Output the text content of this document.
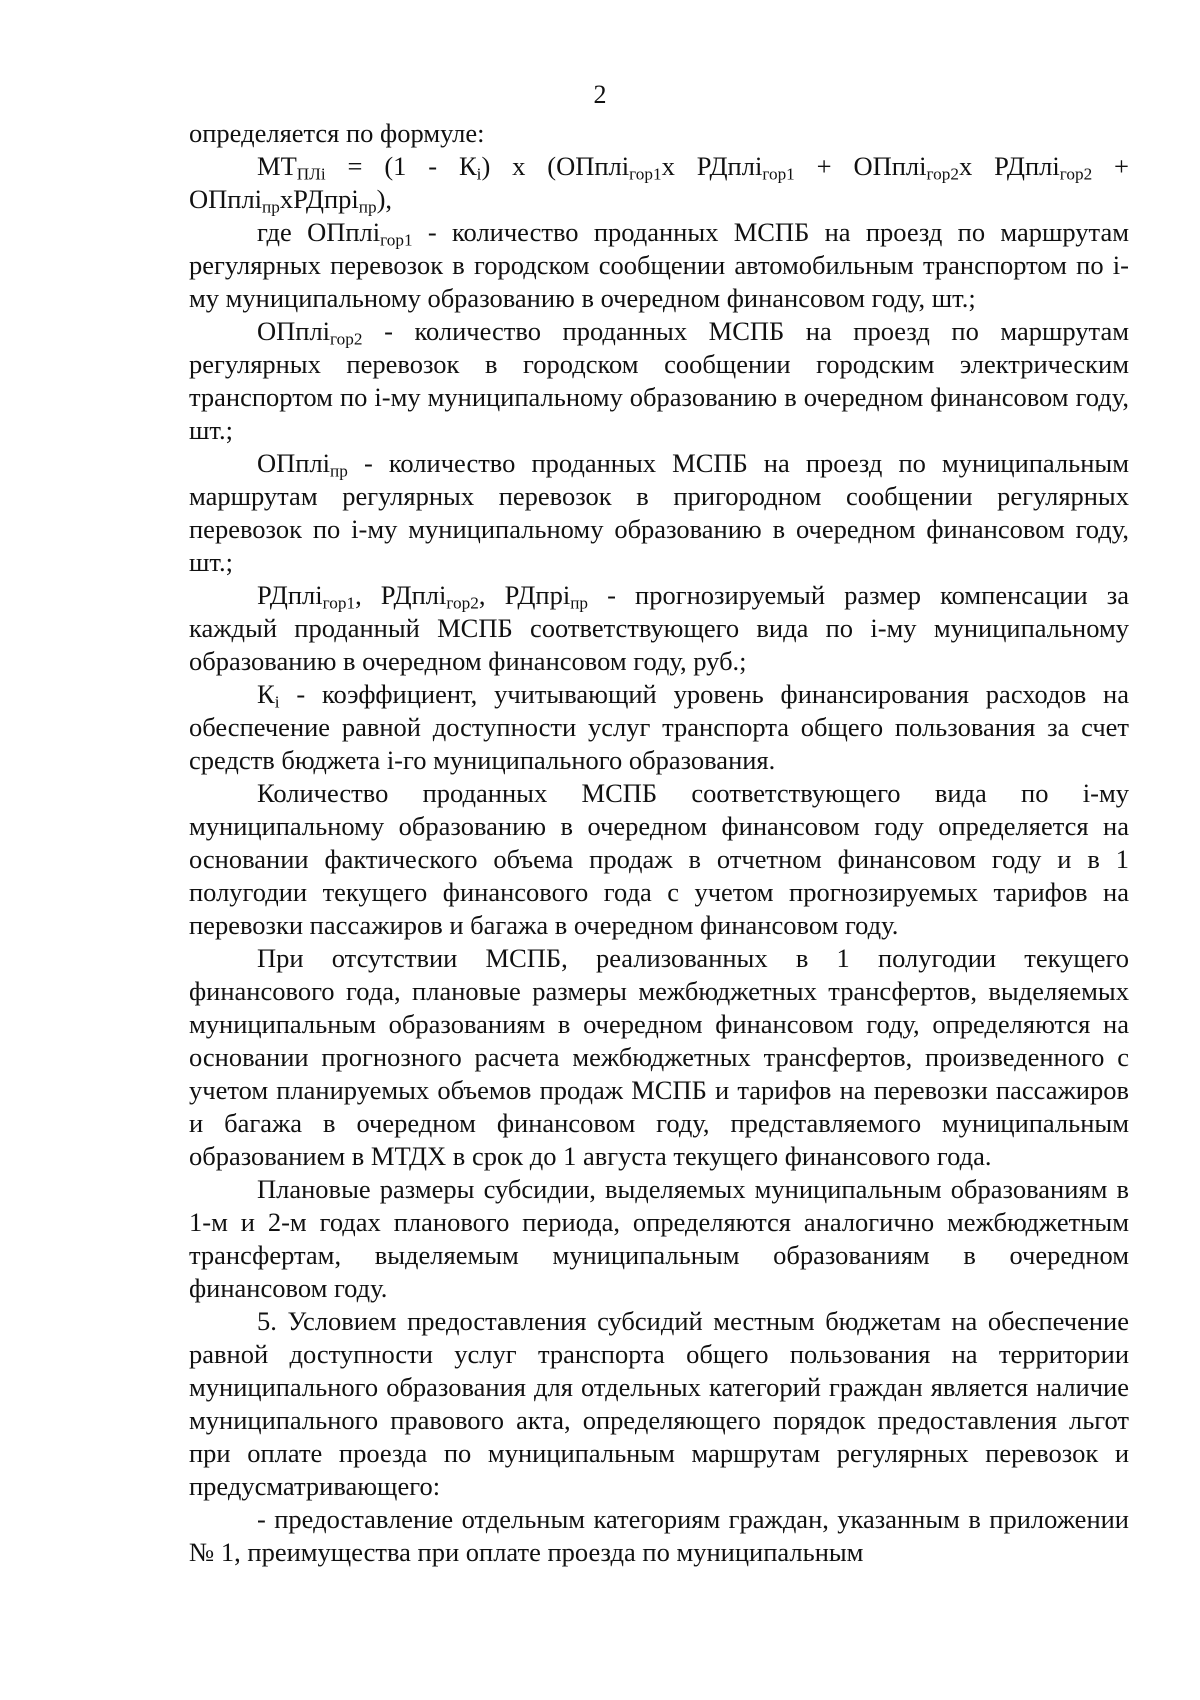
2

определяется по формуле:

$МТ_{ПЛi} = (1 - К_i)$ х (ОПплі$_{гор1}$х РДплі$_{гор1}$ + ОПплі$_{гор2}$х РДплі$_{гор2}$ + ОПплі$_{пр}$хРДпрі$_{пр}$),

где ОПплі$_{гор1}$ - количество проданных МСПБ на проезд по маршрутам регулярных перевозок в городском сообщении автомобильным транспортом по і-му муниципальному образованию в очередном финансовом году, шт.;

ОПплі$_{гор2}$ - количество проданных МСПБ на проезд по маршрутам регулярных перевозок в городском сообщении городским электрическим транспортом по і-му муниципальному образованию в очередном финансовом году, шт.;

ОПплі$_{пр}$ - количество проданных МСПБ на проезд по муниципальным маршрутам регулярных перевозок в пригородном сообщении регулярных перевозок по і-му муниципальному образованию в очередном финансовом году, шт.;

РДплі$_{гор1}$, РДплі$_{гор2}$, РДпрі$_{пр}$ - прогнозируемый размер компенсации за каждый проданный МСПБ соответствующего вида по і-му муниципальному образованию в очередном финансовом году, руб.;

$К_i$ - коэффициент, учитывающий уровень финансирования расходов на обеспечение равной доступности услуг транспорта общего пользования за счет средств бюджета і-го муниципального образования.

Количество проданных МСПБ соответствующего вида по і-му муниципальному образованию в очередном финансовом году определяется на основании фактического объема продаж в отчетном финансовом году и в 1 полугодии текущего финансового года с учетом прогнозируемых тарифов на перевозки пассажиров и багажа в очередном финансовом году.

При отсутствии МСПБ, реализованных в 1 полугодии текущего финансового года, плановые размеры межбюджетных трансфертов, выделяемых муниципальным образованиям в очередном финансовом году, определяются на основании прогнозного расчета межбюджетных трансфертов, произведенного с учетом планируемых объемов продаж МСПБ и тарифов на перевозки пассажиров и багажа в очередном финансовом году, представляемого муниципальным образованием в МТДХ в срок до 1 августа текущего финансового года.

Плановые размеры субсидии, выделяемых муниципальным образованиям в 1-м и 2-м годах планового периода, определяются аналогично межбюджетным трансфертам, выделяемым муниципальным образованиям в очередном финансовом году.

5. Условием предоставления субсидий местным бюджетам на обеспечение равной доступности услуг транспорта общего пользования на территории муниципального образования для отдельных категорий граждан является наличие муниципального правового акта, определяющего порядок предоставления льгот при оплате проезда по муниципальным маршрутам регулярных перевозок и предусматривающего:

- предоставление отдельным категориям граждан, указанным в приложении № 1, преимущества при оплате проезда по муниципальным
